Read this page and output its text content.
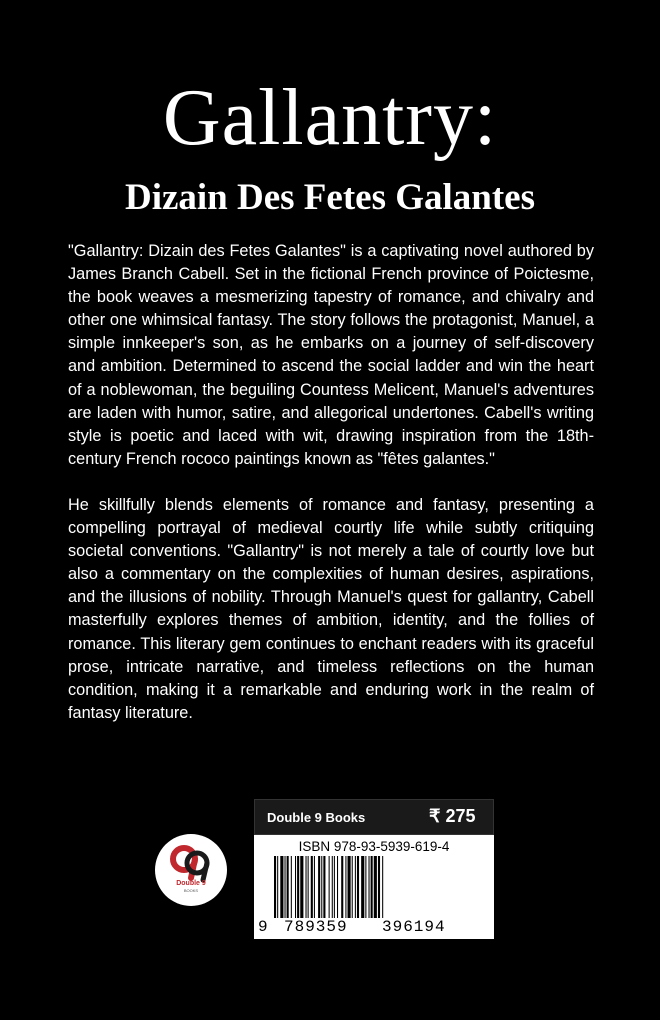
Gallantry:
Dizain Des Fetes Galantes

"Gallantry: Dizain des Fetes Galantes" is a captivating novel authored by James Branch Cabell. Set in the fictional French province of Poictesme, the book weaves a mesmerizing tapestry of romance, and chivalry and other one whimsical fantasy. The story follows the protagonist, Manuel, a simple innkeeper's son, as he embarks on a journey of self-discovery and ambition. Determined to ascend the social ladder and win the heart of a noblewoman, the beguiling Countess Melicent, Manuel's adventures are laden with humor, satire, and allegorical undertones. Cabell's writing style is poetic and laced with wit, drawing inspiration from the 18th-century French rococo paintings known as "fêtes galantes."

He skillfully blends elements of romance and fantasy, presenting a compelling portrayal of medieval courtly life while subtly critiquing societal conventions. "Gallantry" is not merely a tale of courtly love but also a commentary on the complexities of human desires, aspirations, and the illusions of nobility. Through Manuel's quest for gallantry, Cabell masterfully explores themes of ambition, identity, and the follies of romance. This literary gem continues to enchant readers with its graceful prose, intricate narrative, and timeless reflections on the human condition, making it a remarkable and enduring work in the realm of fantasy literature.

Double 9
BOOKS
Double 9 Books	₹ 275
ISBN 978-93-5939-619-4
9 789359 396194
